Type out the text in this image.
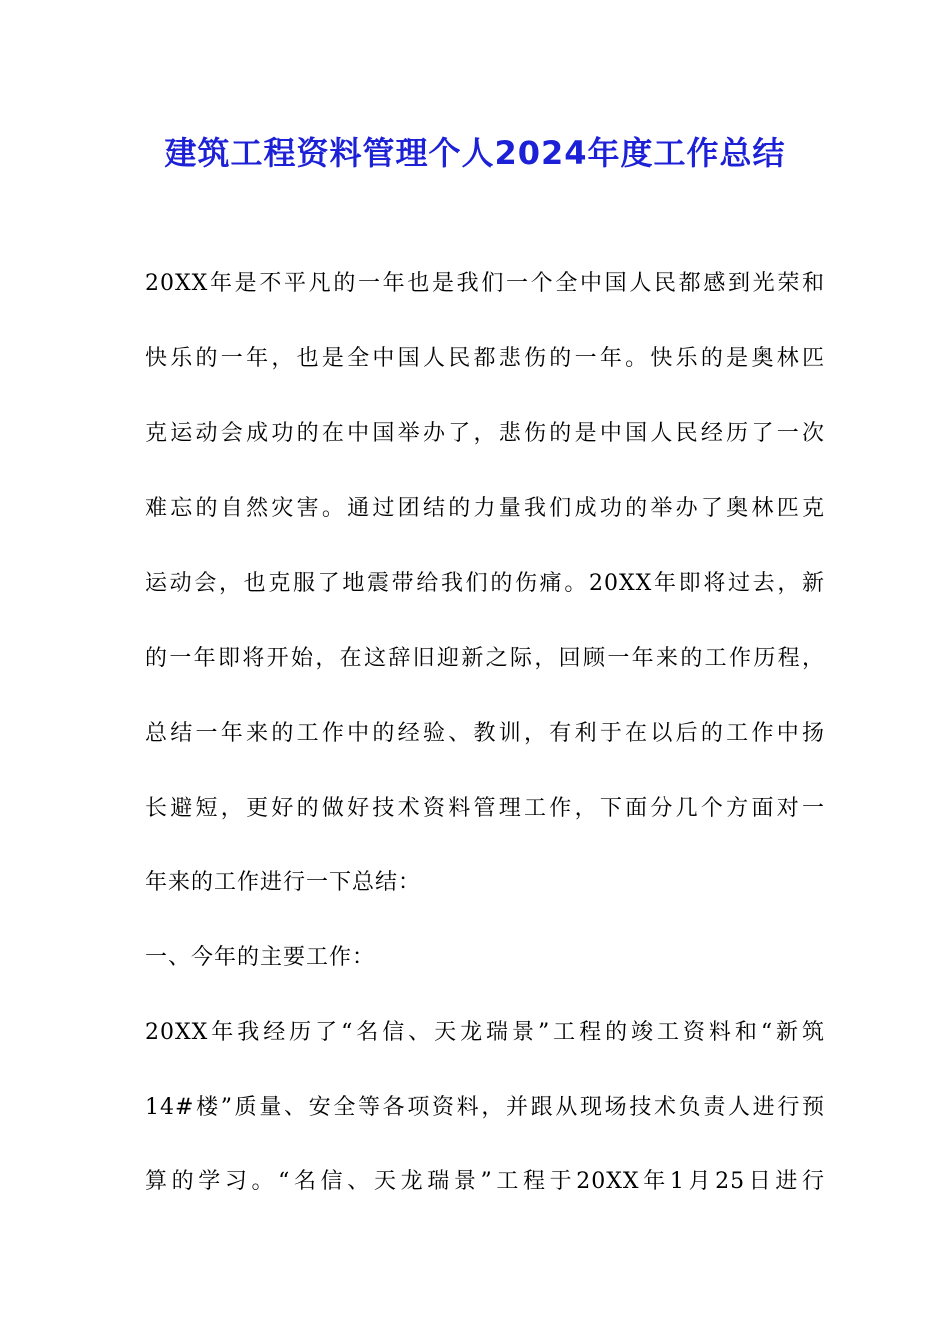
建筑工程资料管理个人2024年度工作总结
20XX年是不平凡的一年也是我们一个全中国人民都感到光荣和
快乐的一年，也是全中国人民都悲伤的一年。快乐的是奥林匹
克运动会成功的在中国举办了，悲伤的是中国人民经历了一次
难忘的自然灾害。通过团结的力量我们成功的举办了奥林匹克
运动会，也克服了地震带给我们的伤痛。20XX年即将过去，新
的一年即将开始，在这辞旧迎新之际，回顾一年来的工作历程，
总结一年来的工作中的经验、教训，有利于在以后的工作中扬
长避短，更好的做好技术资料管理工作，下面分几个方面对一
年来的工作进行一下总结：
一、今年的主要工作：
20XX年我经历了“名信、天龙瑞景”工程的竣工资料和“新筑
14#楼”质量、安全等各项资料，并跟从现场技术负责人进行预
算的学习。“名信、天龙瑞景”工程于20XX年1月25日进行
